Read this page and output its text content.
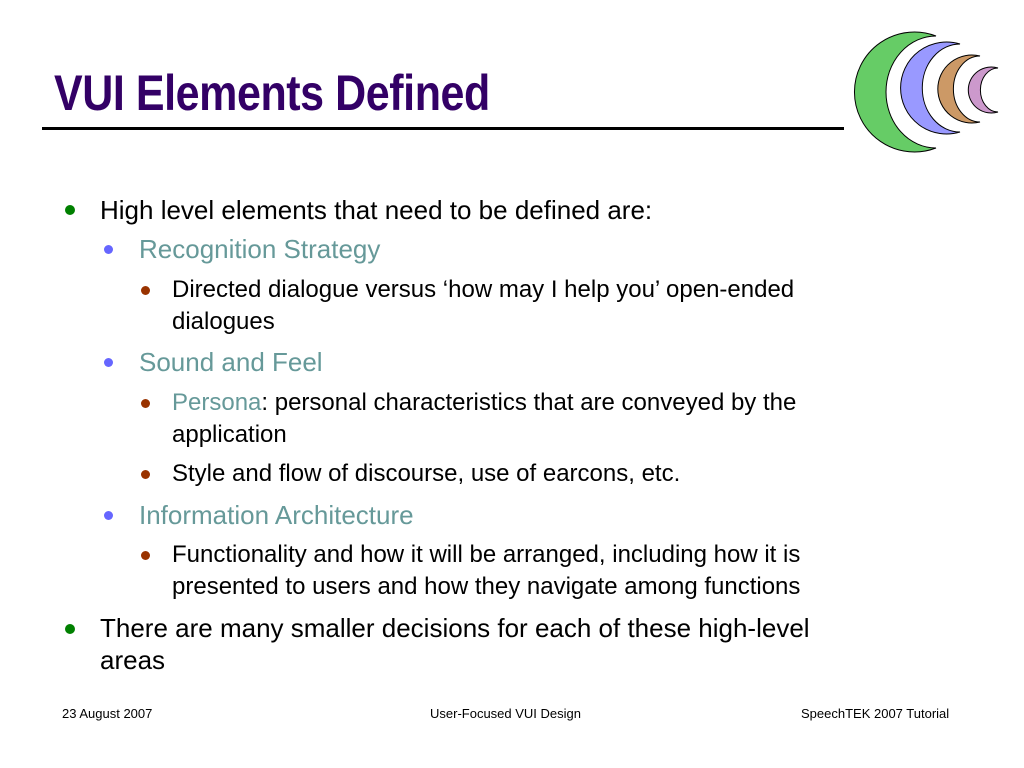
VUI Elements Defined

High level elements that need to be defined are:

Recognition Strategy

Directed dialogue versus ‘how may I help you’ open-ended

dialogues

Sound and Feel

Persona: personal characteristics that are conveyed by the

application

Style and flow of discourse, use of earcons, etc.

Information Architecture

Functionality and how it will be arranged, including how it is

presented to users and how they navigate among functions

There are many smaller decisions for each of these high-level

areas

23 August 2007	User-Focused VUI Design	SpeechTEK 2007 Tutorial
